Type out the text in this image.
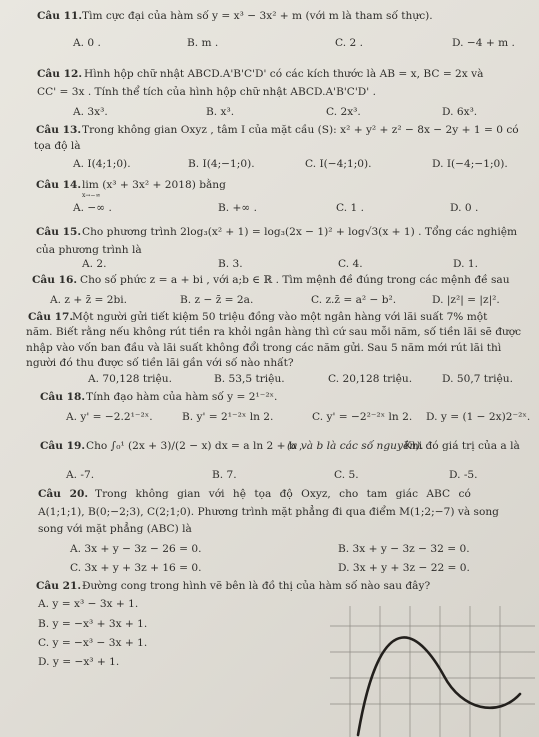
Câu 11. Tìm cực đại của hàm số y = x³ − 3x² + m (với m là tham số thực).
A. 0 .	B. m .	C. 2 .	D. −4 + m .
Câu 12. Hình hộp chữ nhật ABCD.A'B'C'D' có các kích thước là AB = x, BC = 2x và
CC' = 3x . Tính thể tích của hình hộp chữ nhật ABCD.A'B'C'D' .
A. 3x³.	B. x³.	C. 2x³.	D. 6x³.
Câu 13. Trong không gian Oxyz , tâm I của mặt cầu (S): x² + y² + z² − 8x − 2y + 1 = 0 có
tọa độ là
A. I(4;1;0).	B. I(4;−1;0).	C. I(−4;1;0).	D. I(−4;−1;0).
Câu 14. lim (x³ + 3x² + 2018) bằng
x→−∞
A. −∞ .	B. +∞ .	C. 1 .	D. 0 .
Câu 15. Cho phương trình 2log₃(x² + 1) = log₃(2x − 1)² + log√3(x + 1) . Tổng các nghiệm
của phương trình là
A. 2.	B. 3.	C. 4.	D. 1.
Câu 16. Cho số phức z = a + bi , với a;b ∈ ℝ . Tìm mệnh đề đúng trong các mệnh đề sau
A. z + z̄ = 2bi.	B. z − z̄ = 2a.	C. z.z̄ = a² − b².	D. |z²| = |z|².
Câu 17.
Một người gửi tiết kiệm 50 triệu đồng vào một ngân hàng với lãi suất 7% một
năm. Biết rằng nếu không rút tiền ra khỏi ngân hàng thì cứ sau mỗi năm, số tiền lãi sẽ được
nhập vào vốn ban đầu và lãi suất không đổi trong các năm gửi. Sau 5 năm mới rút lãi thì
người đó thu được số tiền lãi gần với số nào nhất?
A. 70,128 triệu.	B. 53,5 triệu.	C. 20,128 triệu.	D. 50,7 triệu.
Câu 18. Tính đạo hàm của hàm số y = 2¹⁻²ˣ.
A. y' = −2.2¹⁻²ˣ.	B. y' = 2¹⁻²ˣ ln 2.	C. y' = −2²⁻²ˣ ln 2. D. y = (1 − 2x)2⁻²ˣ.
Câu 19. Cho ∫₀¹ (2x + 3)/(2 − x) dx = a ln 2 + b ,
(a và b là các số nguyên).
Khi đó giá trị của a là
A. -7.	B. 7.	C. 5.	D. -5.
Câu 20. Trong không gian với hệ tọa độ Oxyz, cho tam giác ABC có
A(1;1;1), B(0;−2;3), C(2;1;0). Phương trình mặt phẳng đi qua điểm M(1;2;−7) và song
song với mặt phẳng (ABC) là
A. 3x + y − 3z − 26 = 0.	B. 3x + y − 3z − 32 = 0.
C. 3x + y + 3z + 16 = 0.	D. 3x + y + 3z − 22 = 0.
Câu 21. Đường cong trong hình vẽ bên là đồ thị của hàm số nào sau đây?
A. y = x³ − 3x + 1.
B. y = −x³ + 3x + 1.
C. y = −x³ − 3x + 1.
D. y = −x³ + 1.
